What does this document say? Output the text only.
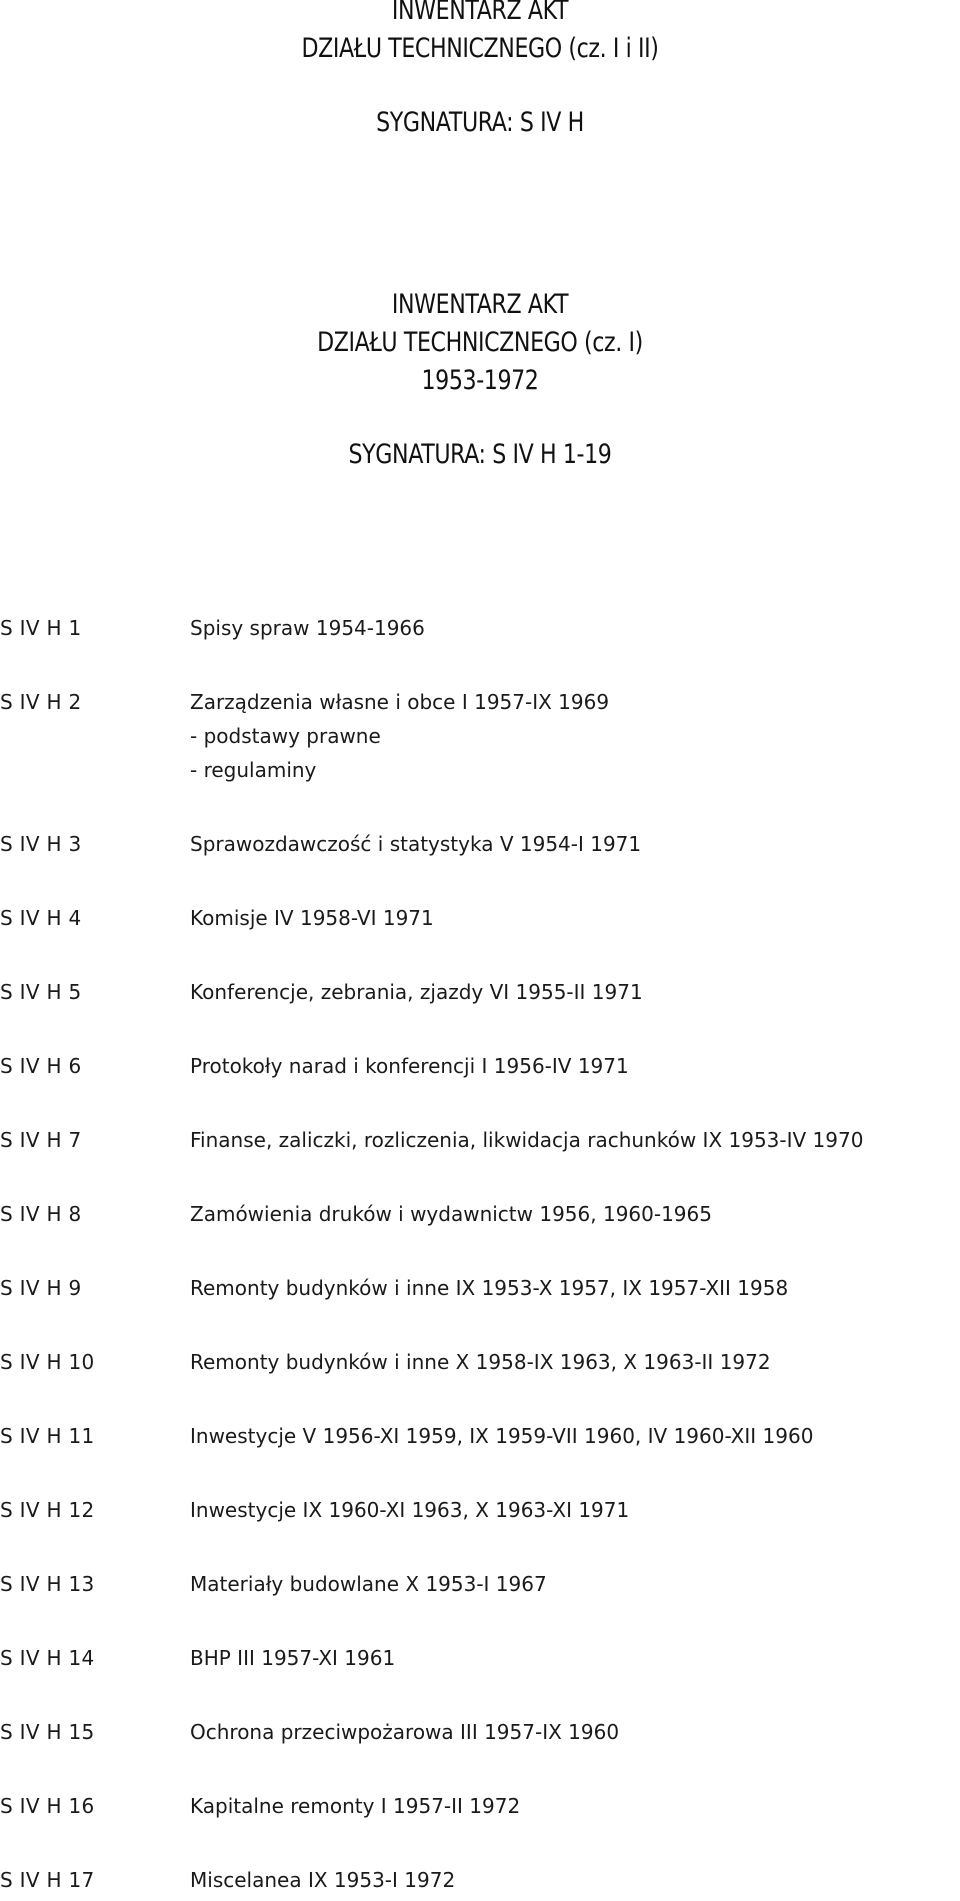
INWENTARZ AKT
DZIAŁU TECHNICZNEGO (cz. I i II)
SYGNATURA: S IV H
INWENTARZ AKT
DZIAŁU TECHNICZNEGO (cz. I)
1953-1972
SYGNATURA: S IV H 1-19
S IV H 1	Spisy spraw 1954-1966
S IV H 2	Zarządzenia własne i obce I 1957-IX 1969
- podstawy prawne
- regulaminy
S IV H 3	Sprawozdawczość i statystyka V 1954-I 1971
S IV H 4	Komisje IV 1958-VI 1971
S IV H 5	Konferencje, zebrania, zjazdy VI 1955-II 1971
S IV H 6	Protokoły narad i konferencji I 1956-IV 1971
S IV H 7	Finanse, zaliczki, rozliczenia, likwidacja rachunków IX 1953-IV 1970
S IV H 8	Zamówienia druków i wydawnictw 1956, 1960-1965
S IV H 9	Remonty budynków i inne IX 1953-X 1957, IX 1957-XII 1958
S IV H 10	Remonty budynków i inne X 1958-IX 1963, X 1963-II 1972
S IV H 11	Inwestycje V 1956-XI 1959, IX 1959-VII 1960, IV 1960-XII 1960
S IV H 12	Inwestycje IX 1960-XI 1963, X 1963-XI 1971
S IV H 13	Materiały budowlane X 1953-I 1967
S IV H 14	BHP III 1957-XI 1961
S IV H 15	Ochrona przeciwpożarowa III 1957-IX 1960
S IV H 16	Kapitalne remonty I 1957-II 1972
S IV H 17	Miscelanea IX 1953-I 1972
